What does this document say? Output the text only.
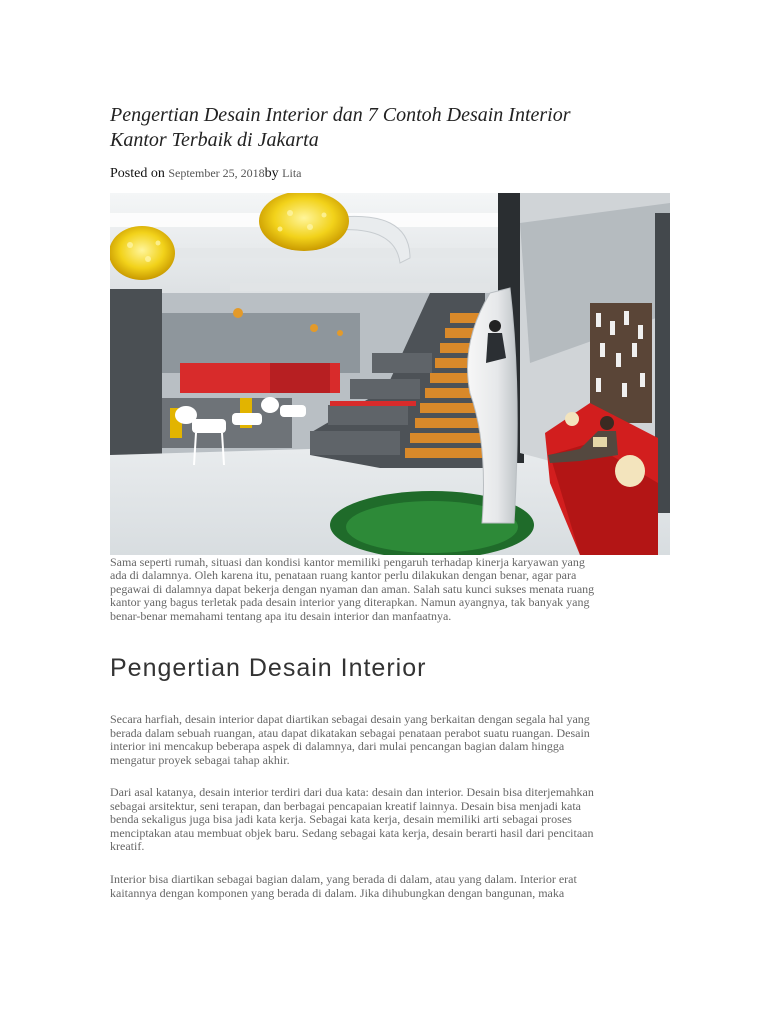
Pengertian Desain Interior dan 7 Contoh Desain Interior
Kantor Terbaik di Jakarta
Posted on September 25, 2018by Lita

Sama seperti rumah, situasi dan kondisi kantor memiliki pengaruh terhadap kinerja karyawan yang
ada di dalamnya. Oleh karena itu, penataan ruang kantor perlu dilakukan dengan benar, agar para
pegawai di dalamnya dapat bekerja dengan nyaman dan aman. Salah satu kunci sukses menata ruang
kantor yang bagus terletak pada desain interior yang diterapkan. Namun ayangnya, tak banyak yang
benar-benar memahami tentang apa itu desain interior dan manfaatnya.

Pengertian Desain Interior

Secara harfiah, desain interior dapat diartikan sebagai desain yang berkaitan dengan segala hal yang
berada dalam sebuah ruangan, atau dapat dikatakan sebagai penataan perabot suatu ruangan. Desain
interior ini mencakup beberapa aspek di dalamnya, dari mulai pencangan bagian dalam hingga
mengatur proyek sebagai tahap akhir.

Dari asal katanya, desain interior terdiri dari dua kata: desain dan interior. Desain bisa diterjemahkan
sebagai arsitektur, seni terapan, dan berbagai pencapaian kreatif lainnya. Desain bisa menjadi kata
benda sekaligus juga bisa jadi kata kerja. Sebagai kata kerja, desain memiliki arti sebagai proses
menciptakan atau membuat objek baru. Sedang sebagai kata kerja, desain berarti hasil dari pencitaan
kreatif.

Interior bisa diartikan sebagai bagian dalam, yang berada di dalam, atau yang dalam. Interior erat
kaitannya dengan komponen yang berada di dalam. Jika dihubungkan dengan bangunan, maka
